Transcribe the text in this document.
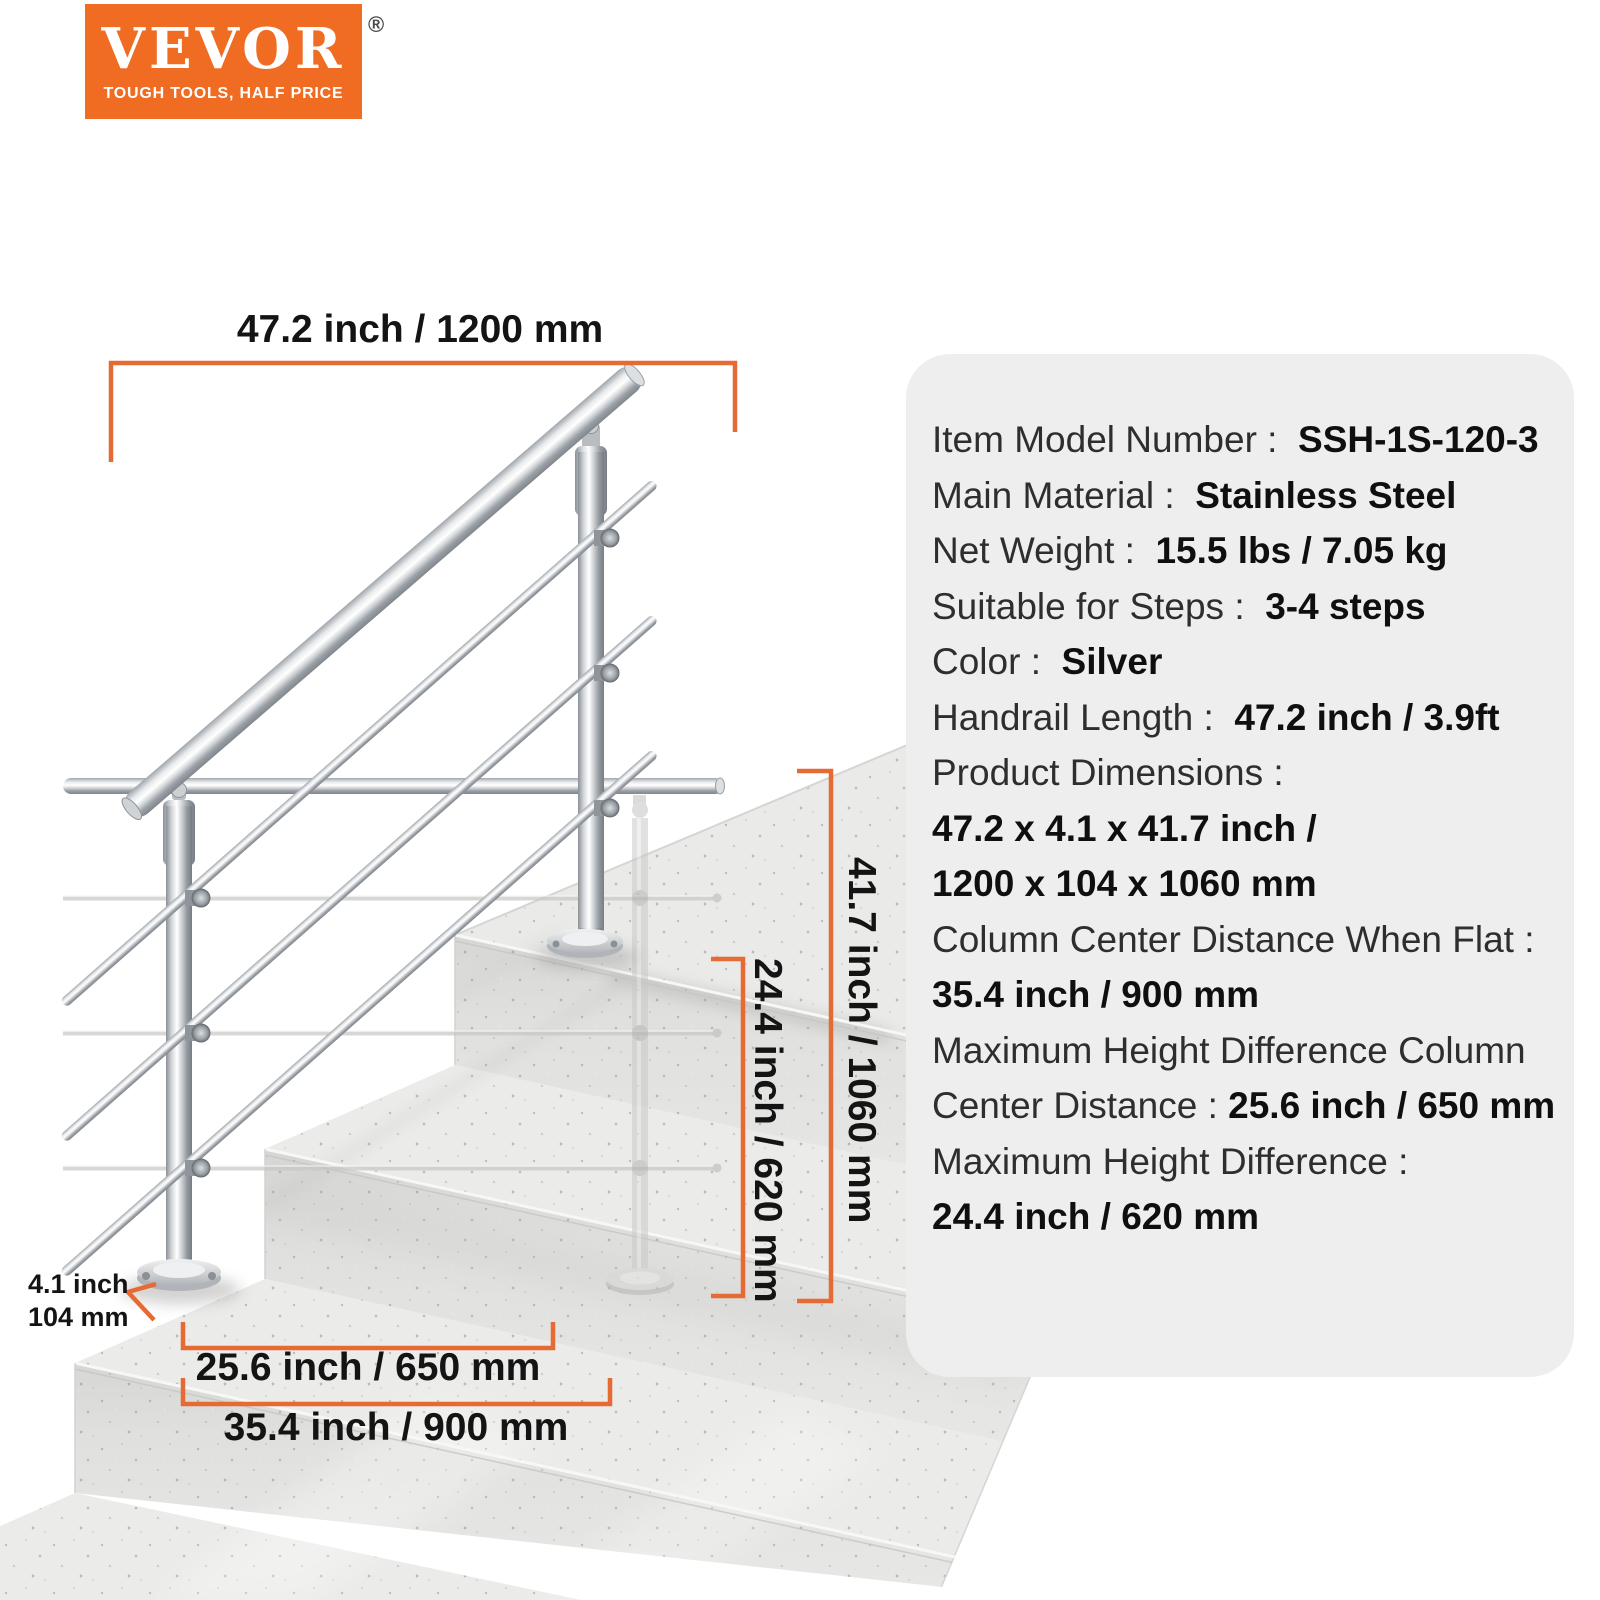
47.2 inch / 1200 mm
4.1 inch
104 mm
25.6 inch / 650 mm
35.4 inch / 900 mm
41.7 inch / 1060 mm
24.4 inch / 620 mm
Item Model Number :  SSH-1S-120-3
Main Material :  Stainless Steel
Net Weight :  15.5 lbs / 7.05 kg
Suitable for Steps :  3-4 steps
Color :  Silver
Handrail Length :  47.2 inch / 3.9ft
Product Dimensions :
47.2 x 4.1 x 41.7 inch /
1200 x 104 x 1060 mm
Column Center Distance When Flat :
35.4 inch / 900 mm
Maximum Height Difference Column
Center Distance : 25.6 inch / 650 mm
Maximum Height Difference :
24.4 inch / 620 mm
VEVOR
TOUGH TOOLS, HALF PRICE
®
